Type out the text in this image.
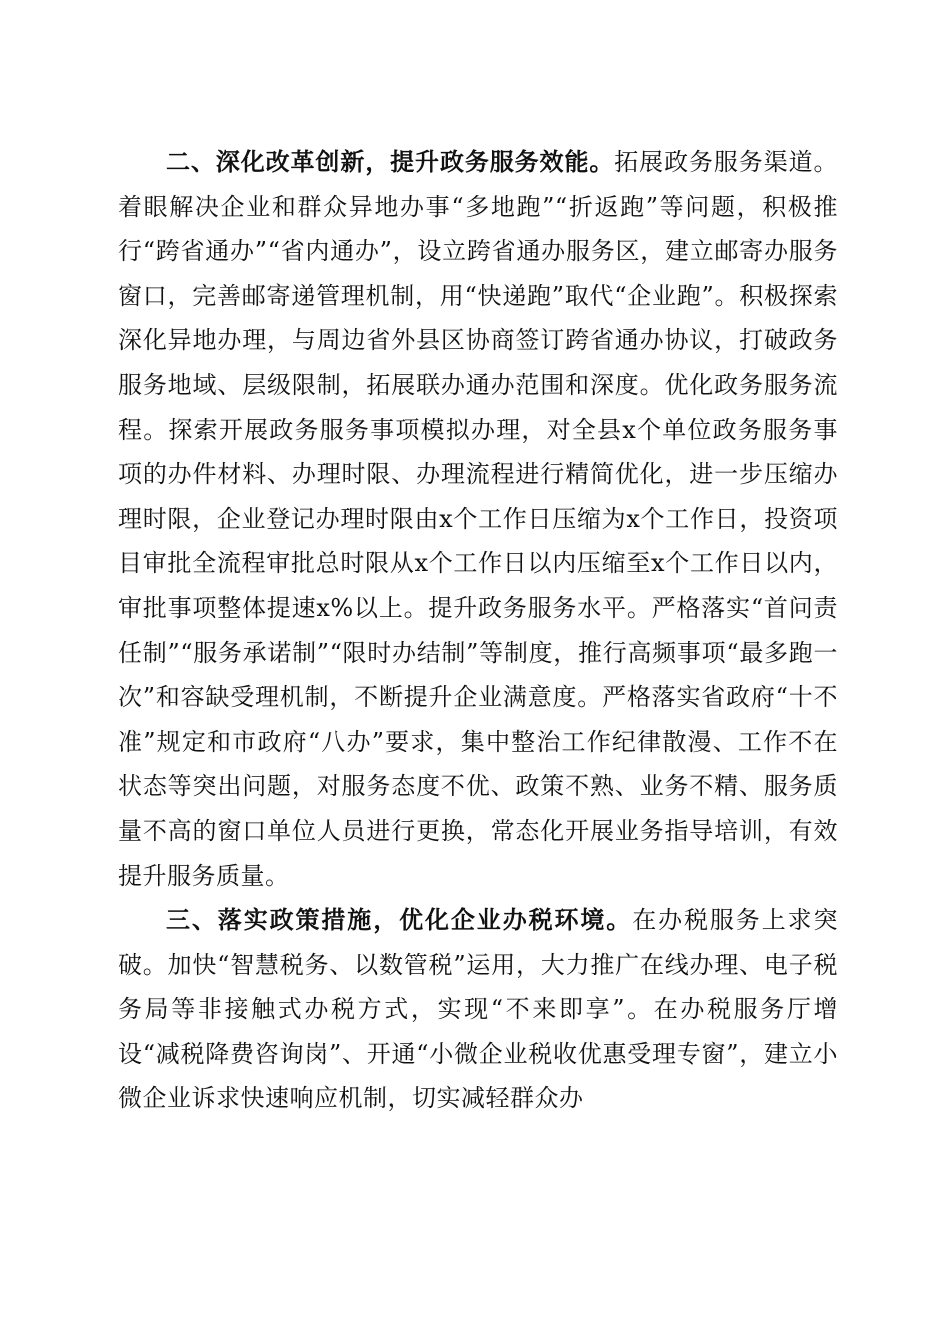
二、深化改革创新，提升政务服务效能。拓展政务服务渠道。着眼解决企业和群众异地办事“多地跑”“折返跑”等问题，积极推行“跨省通办”“省内通办”，设立跨省通办服务区，建立邮寄办服务窗口，完善邮寄递管理机制，用“快递跑”取代“企业跑”。积极探索深化异地办理，与周边省外县区协商签订跨省通办协议，打破政务服务地域、层级限制，拓展联办通办范围和深度。优化政务服务流程。探索开展政务服务事项模拟办理，对全县x个单位政务服务事项的办件材料、办理时限、办理流程进行精简优化，进一步压缩办理时限，企业登记办理时限由x个工作日压缩为x个工作日，投资项目审批全流程审批总时限从x个工作日以内压缩至x个工作日以内，审批事项整体提速x%以上。提升政务服务水平。严格落实“首问责任制”“服务承诺制”“限时办结制”等制度，推行高频事项“最多跑一次”和容缺受理机制，不断提升企业满意度。严格落实省政府“十不准”规定和市政府“八办”要求，集中整治工作纪律散漫、工作不在状态等突出问题，对服务态度不优、政策不熟、业务不精、服务质量不高的窗口单位人员进行更换，常态化开展业务指导培训，有效提升服务质量。

三、落实政策措施，优化企业办税环境。在办税服务上求突破。加快“智慧税务、以数管税”运用，大力推广在线办理、电子税务局等非接触式办税方式，实现“不来即享”。在办税服务厅增设“减税降费咨询岗”、开通“小微企业税收优惠受理专窗”，建立小微企业诉求快速响应机制，切实减轻群众办
